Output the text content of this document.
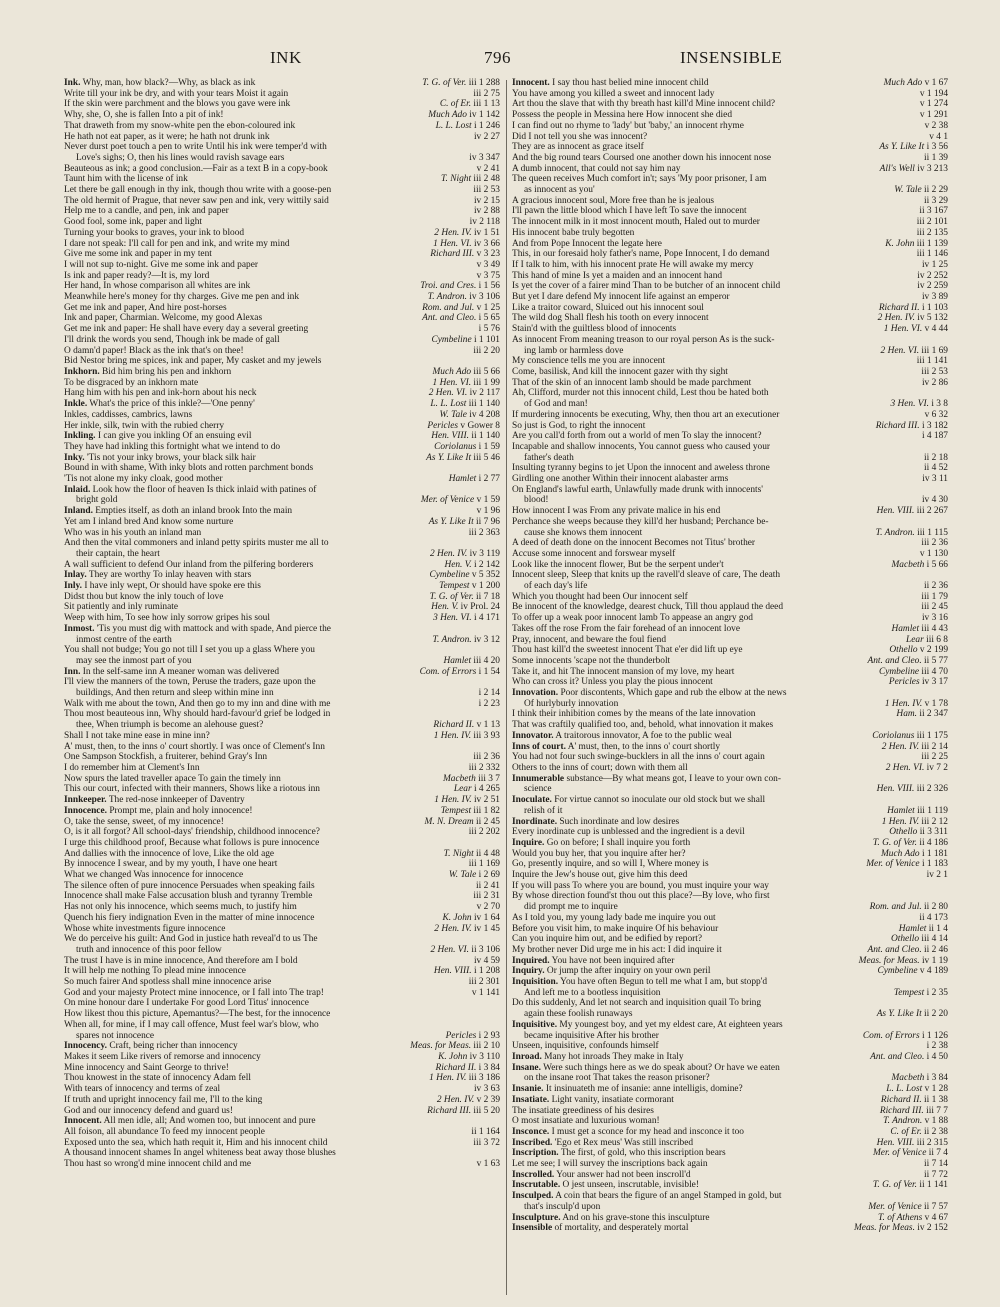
INK	796	INSENSIBLE
Ink. Why, man, how black?—Why, as black as ink	T. G. of Ver. iii 1 288
Write till your ink be dry, and with your tears Moist it again	iii 2 75
If the skin were parchment and the blows you gave were ink	C. of Er. iii 1 13
Why, she, O, she is fallen Into a pit of ink!	Much Ado iv 1 142
That draweth from my snow-white pen the ebon-coloured ink	L. L. Lost i 1 246
He hath not eat paper, as it were; he hath not drunk ink	iv 2 27
Never durst poet touch a pen to write Until his ink were temper'd with
Love's sighs; O, then his lines would ravish savage ears	iv 3 347
Beauteous as ink; a good conclusion.—Fair as a text B in a copy-book	v 2 41
Taunt him with the license of ink	T. Night iii 2 48
Let there be gall enough in thy ink, though thou write with a goose-pen	iii 2 53
The old hermit of Prague, that never saw pen and ink, very wittily said	iv 2 15
Help me to a candle, and pen, ink and paper	iv 2 88
Good fool, some ink, paper and light	iv 2 118
Turning your books to graves, your ink to blood	2 Hen. IV. iv 1 51
I dare not speak: I'll call for pen and ink, and write my mind	1 Hen. VI. iv 3 66
Give me some ink and paper in my tent	Richard III. v 3 23
I will not sup to-night. Give me some ink and paper	v 3 49
Is ink and paper ready?—It is, my lord	v 3 75
Her hand, In whose comparison all whites are ink	Troi. and Cres. i 1 56
Meanwhile here's money for thy charges. Give me pen and ink	T. Andron. iv 3 106
Get me ink and paper, And hire post-horses	Rom. and Jul. v 1 25
Ink and paper, Charmian. Welcome, my good Alexas	Ant. and Cleo. i 5 65
Get me ink and paper: He shall have every day a several greeting	i 5 76
I'll drink the words you send, Though ink be made of gall	Cymbeline i 1 101
O damn'd paper! Black as the ink that's on thee!	iii 2 20
Bid Nestor bring me spices, ink and paper, My casket and my jewels
Inkhorn. Bid him bring his pen and inkhorn	Much Ado iii 5 66
To be disgraced by an inkhorn mate	1 Hen. VI. iii 1 99
Hang him with his pen and ink-horn about his neck	2 Hen. VI. iv 2 117
Inkle. What's the price of this inkle?—'One penny'	L. L. Lost iii 1 140
Inkles, caddisses, cambrics, lawns	W. Tale iv 4 208
Her inkle, silk, twin with the rubied cherry	Pericles v Gower 8
Inkling. I can give you inkling Of an ensuing evil	Hen. VIII. ii 1 140
They have had inkling this fortnight what we intend to do	Coriolanus i 1 59
Inky. 'Tis not your inky brows, your black silk hair	As Y. Like It iii 5 46
Bound in with shame, With inky blots and rotten parchment bonds
'Tis not alone my inky cloak, good mother	Hamlet i 2 77
Inlaid. Look how the floor of heaven Is thick inlaid with patines of
bright gold	Mer. of Venice v 1 59
Inland. Empties itself, as doth an inland brook Into the main	v 1 96
Yet am I inland bred And know some nurture	As Y. Like It ii 7 96
Who was in his youth an inland man	iii 2 363
And then the vital commoners and inland petty spirits muster me all to
their captain, the heart	2 Hen. IV. iv 3 119
A wall sufficient to defend Our inland from the pilfering borderers	Hen. V. i 2 142
Inlay. They are worthy To inlay heaven with stars	Cymbeline v 5 352
Inly. I have inly wept, Or should have spoke ere this	Tempest v 1 200
Didst thou but know the inly touch of love	T. G. of Ver. ii 7 18
Sit patiently and inly ruminate	Hen. V. iv Prol. 24
Weep with him, To see how inly sorrow gripes his soul	3 Hen. VI. i 4 171
Inmost. 'Tis you must dig with mattock and with spade, And pierce the
inmost centre of the earth	T. Andron. iv 3 12
You shall not budge; You go not till I set you up a glass Where you
may see the inmost part of you	Hamlet iii 4 20
Inn. In the self-same inn A meaner woman was delivered	Com. of Errors i 1 54
I'll view the manners of the town, Peruse the traders, gaze upon the
buildings, And then return and sleep within mine inn	i 2 14
Walk with me about the town, And then go to my inn and dine with me	i 2 23
Thou most beauteous inn, Why should hard-favour'd grief be lodged in
thee, When triumph is become an alehouse guest?	Richard II. v 1 13
Shall I not take mine ease in mine inn?	1 Hen. IV. iii 3 93
A' must, then, to the inns o' court shortly. I was once of Clement's Inn
One Sampson Stockfish, a fruiterer, behind Gray's Inn	iii 2 36
I do remember him at Clement's Inn	iii 2 332
Now spurs the lated traveller apace To gain the timely inn	Macbeth iii 3 7
This our court, infected with their manners, Shows like a riotous inn	Lear i 4 265
Innkeeper. The red-nose innkeeper of Daventry	1 Hen. IV. iv 2 51
Innocence. Prompt me, plain and holy innocence!	Tempest iii 1 82
O, take the sense, sweet, of my innocence!	M. N. Dream ii 2 45
O, is it all forgot? All school-days' friendship, childhood innocence?	iii 2 202
I urge this childhood proof, Because what follows is pure innocence
And dallies with the innocence of love, Like the old age	T. Night ii 4 48
By innocence I swear, and by my youth, I have one heart	iii 1 169
What we changed Was innocence for innocence	W. Tale i 2 69
The silence often of pure innocence Persuades when speaking fails	ii 2 41
Innocence shall make False accusation blush and tyranny Tremble	iii 2 31
Has not only his innocence, which seems much, to justify him	v 2 70
Quench his fiery indignation Even in the matter of mine innocence	K. John iv 1 64
Whose white investments figure innocence	2 Hen. IV. iv 1 45
We do perceive his guilt: And God in justice hath reveal'd to us The
truth and innocence of this poor fellow	2 Hen. VI. ii 3 106
The trust I have is in mine innocence, And therefore am I bold	iv 4 59
It will help me nothing To plead mine innocence	Hen. VIII. i 1 208
So much fairer And spotless shall mine innocence arise	iii 2 301
God and your majesty Protect mine innocence, or I fall into The trap!	v 1 141
On mine honour dare I undertake For good Lord Titus' innocence
How likest thou this picture, Apemantus?—The best, for the innocence
When all, for mine, if I may call offence, Must feel war's blow, who
spares not innocence	Pericles i 2 93
Innocency. Craft, being richer than innocency	Meas. for Meas. iii 2 10
Makes it seem Like rivers of remorse and innocency	K. John iv 3 110
Mine innocency and Saint George to thrive!	Richard II. i 3 84
Thou knowest in the state of innocency Adam fell	1 Hen. IV. iii 3 186
With tears of innocency and terms of zeal	iv 3 63
If truth and upright innocency fail me, I'll to the king	2 Hen. IV. v 2 39
God and our innocency defend and guard us!	Richard III. iii 5 20
Innocent. All men idle, all; And women too, but innocent and pure
All foison, all abundance To feed my innocent people	ii 1 164
Exposed unto the sea, which hath requit it, Him and his innocent child	iii 3 72
A thousand innocent shames In angel whiteness beat away those blushes
Thou hast so wrong'd mine innocent child and me	v 1 63
Innocent. I say thou hast belied mine innocent child	Much Ado v 1 67
You have among you killed a sweet and innocent lady	v 1 194
Art thou the slave that with thy breath hast kill'd Mine innocent child?	v 1 274
Possess the people in Messina here How innocent she died	v 1 291
I can find out no rhyme to 'lady' but 'baby,' an innocent rhyme	v 2 38
Did I not tell you she was innocent?	v 4 1
They are as innocent as grace itself	As Y. Like It i 3 56
And the big round tears Coursed one another down his innocent nose	ii 1 39
A dumb innocent, that could not say him nay	All's Well iv 3 213
The queen receives Much comfort in't; says 'My poor prisoner, I am
as innocent as you'	W. Tale ii 2 29
A gracious innocent soul, More free than he is jealous	ii 3 29
I'll pawn the little blood which I have left To save the innocent	ii 3 167
The innocent milk in it most innocent mouth, Haled out to murder	iii 2 101
His innocent babe truly begotten	iii 2 135
And from Pope Innocent the legate here	K. John iii 1 139
This, in our foresaid holy father's name, Pope Innocent, I do demand	iii 1 146
If I talk to him, with his innocent prate He will awake my mercy	iv 1 25
This hand of mine Is yet a maiden and an innocent hand	iv 2 252
Is yet the cover of a fairer mind Than to be butcher of an innocent child	iv 2 259
But yet I dare defend My innocent life against an emperor	iv 3 89
Like a traitor coward, Sluiced out his innocent soul	Richard II. i 1 103
The wild dog Shall flesh his tooth on every innocent	2 Hen. IV. iv 5 132
Stain'd with the guiltless blood of innocents	1 Hen. VI. v 4 44
As innocent From meaning treason to our royal person As is the suck-
ing lamb or harmless dove	2 Hen. VI. iii 1 69
My conscience tells me you are innocent	iii 1 141
Come, basilisk, And kill the innocent gazer with thy sight	iii 2 53
That of the skin of an innocent lamb should be made parchment	iv 2 86
Ah, Clifford, murder not this innocent child, Lest thou be hated both
of God and man!	3 Hen. VI. i 3 8
If murdering innocents be executing, Why, then thou art an executioner	v 6 32
So just is God, to right the innocent	Richard III. i 3 182
Are you call'd forth from out a world of men To slay the innocent?	i 4 187
Incapable and shallow innocents, You cannot guess who caused your
father's death	ii 2 18
Insulting tyranny begins to jet Upon the innocent and aweless throne	ii 4 52
Girdling one another Within their innocent alabaster arms	iv 3 11
On England's lawful earth, Unlawfully made drunk with innocents'
blood!	iv 4 30
How innocent I was From any private malice in his end	Hen. VIII. iii 2 267
Perchance she weeps because they kill'd her husband; Perchance be-
cause she knows them innocent	T. Andron. iii 1 115
A deed of death done on the innocent Becomes not Titus' brother	iii 2 36
Accuse some innocent and forswear myself	v 1 130
Look like the innocent flower, But be the serpent under't	Macbeth i 5 66
Innocent sleep, Sleep that knits up the ravell'd sleave of care, The death
of each day's life	ii 2 36
Which you thought had been Our innocent self	iii 1 79
Be innocent of the knowledge, dearest chuck, Till thou applaud the deed	iii 2 45
To offer up a weak poor innocent lamb To appease an angry god	iv 3 16
Takes off the rose From the fair forehead of an innocent love	Hamlet iii 4 43
Pray, innocent, and beware the foul fiend	Lear iii 6 8
Thou hast kill'd the sweetest innocent That e'er did lift up eye	Othello v 2 199
Some innocents 'scape not the thunderbolt	Ant. and Cleo. ii 5 77
Take it, and hit The innocent mansion of my love, my heart	Cymbeline iii 4 70
Who can cross it? Unless you play the pious innocent	Pericles iv 3 17
Innovation. Poor discontents, Which gape and rub the elbow at the news
Of hurlyburly innovation	1 Hen. IV. v 1 78
I think their inhibition comes by the means of the late innovation	Ham. ii 2 347
That was craftily qualified too, and, behold, what innovation it makes
Innovator. A traitorous innovator, A foe to the public weal	Coriolanus iii 1 175
Inns of court. A' must, then, to the inns o' court shortly	2 Hen. IV. iii 2 14
You had not four such swinge-bucklers in all the inns o' court again	iii 2 25
Others to the inns of court; down with them all	2 Hen. VI. iv 7 2
Innumerable substance—By what means got, I leave to your own con-
science	Hen. VIII. iii 2 326
Inoculate. For virtue cannot so inoculate our old stock but we shall
relish of it	Hamlet iii 1 119
Inordinate. Such inordinate and low desires	1 Hen. IV. iii 2 12
Every inordinate cup is unblessed and the ingredient is a devil	Othello ii 3 311
Inquire. Go on before; I shall inquire you forth	T. G. of Ver. ii 4 186
Would you buy her, that you inquire after her?	Much Ado i 1 181
Go, presently inquire, and so will I, Where money is	Mer. of Venice i 1 183
Inquire the Jew's house out, give him this deed	iv 2 1
If you will pass To where you are bound, you must inquire your way
By whose direction found'st thou out this place?—By love, who first
did prompt me to inquire	Rom. and Jul. ii 2 80
As I told you, my young lady bade me inquire you out	ii 4 173
Before you visit him, to make inquire Of his behaviour	Hamlet ii 1 4
Can you inquire him out, and be edified by report?	Othello iii 4 14
My brother never Did urge me in his act: I did inquire it	Ant. and Cleo. ii 2 46
Inquired. You have not been inquired after	Meas. for Meas. iv 1 19
Inquiry. Or jump the after inquiry on your own peril	Cymbeline v 4 189
Inquisition. You have often Begun to tell me what I am, but stopp'd
And left me to a bootless inquisition	Tempest i 2 35
Do this suddenly, And let not search and inquisition quail To bring
again these foolish runaways	As Y. Like It ii 2 20
Inquisitive. My youngest boy, and yet my eldest care, At eighteen years
became inquisitive After his brother	Com. of Errors i 1 126
Unseen, inquisitive, confounds himself	i 2 38
Inroad. Many hot inroads They make in Italy	Ant. and Cleo. i 4 50
Insane. Were such things here as we do speak about? Or have we eaten
on the insane root That takes the reason prisoner?	Macbeth i 3 84
Insanie. It insinuateth me of insanie: anne intelligis, domine?	L. L. Lost v 1 28
Insatiate. Light vanity, insatiate cormorant	Richard II. ii 1 38
The insatiate greediness of his desires	Richard III. iii 7 7
O most insatiate and luxurious woman!	T. Andron. v 1 88
Insconce. I must get a sconce for my head and insconce it too	C. of Er. ii 2 38
Inscribed. 'Ego et Rex meus' Was still inscribed	Hen. VIII. iii 2 315
Inscription. The first, of gold, who this inscription bears	Mer. of Venice ii 7 4
Let me see; I will survey the inscriptions back again	ii 7 14
Inscrolled. Your answer had not been inscroll'd	ii 7 72
Inscrutable. O jest unseen, inscrutable, invisible!	T. G. of Ver. ii 1 141
Insculped. A coin that bears the figure of an angel Stamped in gold, but
that's insculp'd upon	Mer. of Venice ii 7 57
Insculpture. And on his grave-stone this insculpture	T. of Athens v 4 67
Insensible of mortality, and desperately mortal	Meas. for Meas. iv 2 152
